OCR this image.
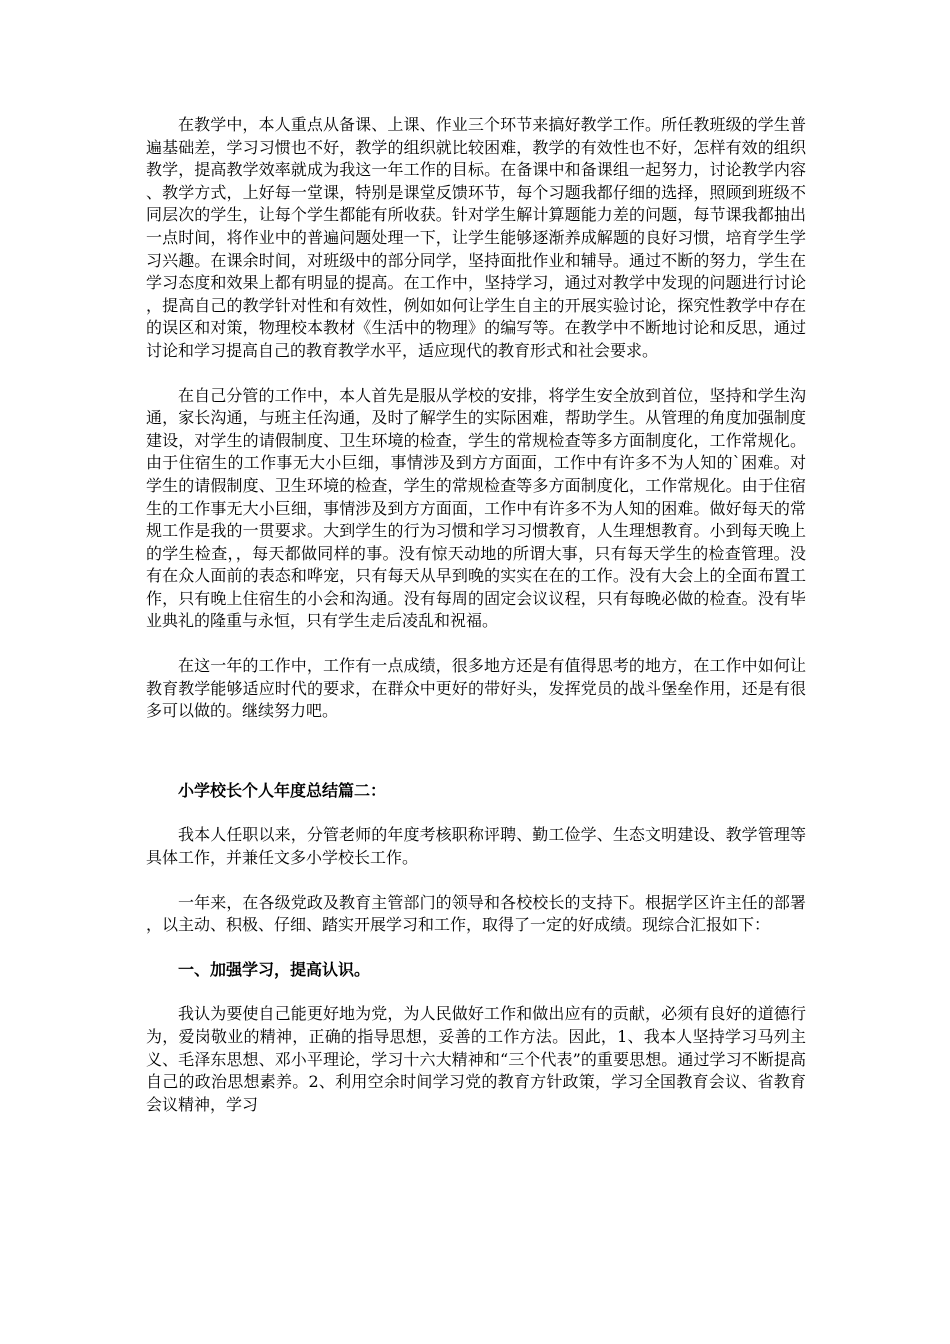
在教学中，本人重点从备课、上课、作业三个环节来搞好教学工作。所任教班级的学生普遍基础差，学习习惯也不好，教学的组织就比较困难，教学的有效性也不好，怎样有效的组织教学，提高教学效率就成为我这一年工作的目标。在备课中和备课组一起努力，讨论教学内容、教学方式，上好每一堂课，特别是课堂反馈环节，每个习题我都仔细的选择，照顾到班级不同层次的学生，让每个学生都能有所收获。针对学生解计算题能力差的问题，每节课我都抽出一点时间，将作业中的普遍问题处理一下，让学生能够逐渐养成解题的良好习惯，培育学生学习兴趣。在课余时间，对班级中的部分同学，坚持面批作业和辅导。通过不断的努力，学生在学习态度和效果上都有明显的提高。在工作中，坚持学习，通过对教学中发现的问题进行讨论，提高自己的教学针对性和有效性，例如如何让学生自主的开展实验讨论，探究性教学中存在的误区和对策，物理校本教材《生活中的物理》的编写等。在教学中不断地讨论和反思，通过讨论和学习提高自己的教育教学水平，适应现代的教育形式和社会要求。

在自己分管的工作中，本人首先是服从学校的安排，将学生安全放到首位，坚持和学生沟通，家长沟通，与班主任沟通，及时了解学生的实际困难，帮助学生。从管理的角度加强制度建设，对学生的请假制度、卫生环境的检查，学生的常规检查等多方面制度化，工作常规化。由于住宿生的工作事无大小巨细，事情涉及到方方面面，工作中有许多不为人知的`困难。对学生的请假制度、卫生环境的检查，学生的常规检查等多方面制度化，工作常规化。由于住宿生的工作事无大小巨细，事情涉及到方方面面，工作中有许多不为人知的困难。做好每天的常规工作是我的一贯要求。大到学生的行为习惯和学习习惯教育，人生理想教育。小到每天晚上的学生检查，，每天都做同样的事。没有惊天动地的所谓大事，只有每天学生的检查管理。没有在众人面前的表态和哗宠，只有每天从早到晚的实实在在的工作。没有大会上的全面布置工作，只有晚上住宿生的小会和沟通。没有每周的固定会议议程，只有每晚必做的检查。没有毕业典礼的隆重与永恒，只有学生走后凌乱和祝福。

在这一年的工作中，工作有一点成绩，很多地方还是有值得思考的地方，在工作中如何让教育教学能够适应时代的要求，在群众中更好的带好头，发挥党员的战斗堡垒作用，还是有很多可以做的。继续努力吧。

小学校长个人年度总结篇二：

我本人任职以来，分管老师的年度考核职称评聘、勤工俭学、生态文明建设、教学管理等具体工作，并兼任文多小学校长工作。

一年来，在各级党政及教育主管部门的领导和各校校长的支持下。根据学区许主任的部署，以主动、积极、仔细、踏实开展学习和工作，取得了一定的好成绩。现综合汇报如下：

一、加强学习，提高认识。

我认为要使自己能更好地为党，为人民做好工作和做出应有的贡献，必须有良好的道德行为，爱岗敬业的精神，正确的指导思想，妥善的工作方法。因此，1、我本人坚持学习马列主义、毛泽东思想、邓小平理论，学习十六大精神和“三个代表”的重要思想。通过学习不断提高自己的政治思想素养。2、利用空余时间学习党的教育方针政策，学习全国教育会议、省教育会议精神，学习
